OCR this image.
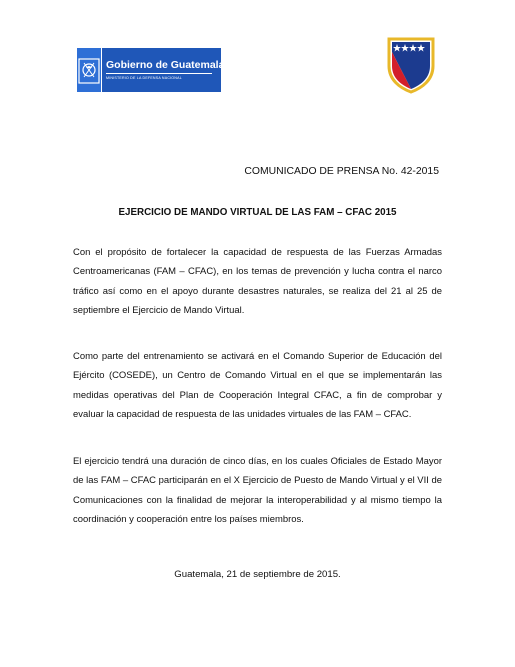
Gobierno de Guatemala
MINISTERIO DE LA DEFENSA NACIONAL
COMUNICADO DE PRENSA No. 42-2015
EJERCICIO DE MANDO VIRTUAL DE LAS FAM – CFAC 2015

Con el propósito de fortalecer la capacidad de respuesta de las Fuerzas Armadas Centroamericanas (FAM – CFAC), en los temas de prevención y lucha contra el narco tráfico así como en el apoyo durante desastres naturales, se realiza del 21 al 25 de septiembre el Ejercicio de Mando Virtual.

Como parte del entrenamiento se activará en el Comando Superior de Educación del Ejército (COSEDE), un Centro de Comando Virtual en el que se implementarán las medidas operativas del Plan de Cooperación Integral CFAC, a fin de comprobar y evaluar la capacidad de respuesta de las unidades virtuales de las FAM – CFAC.

El ejercicio tendrá una duración de cinco días, en los cuales Oficiales de Estado Mayor de las FAM – CFAC participarán en el X Ejercicio de Puesto de Mando Virtual y el VII de Comunicaciones con la finalidad de mejorar la interoperabilidad y al mismo tiempo la coordinación y cooperación entre los países miembros.

Guatemala, 21 de septiembre de 2015.
